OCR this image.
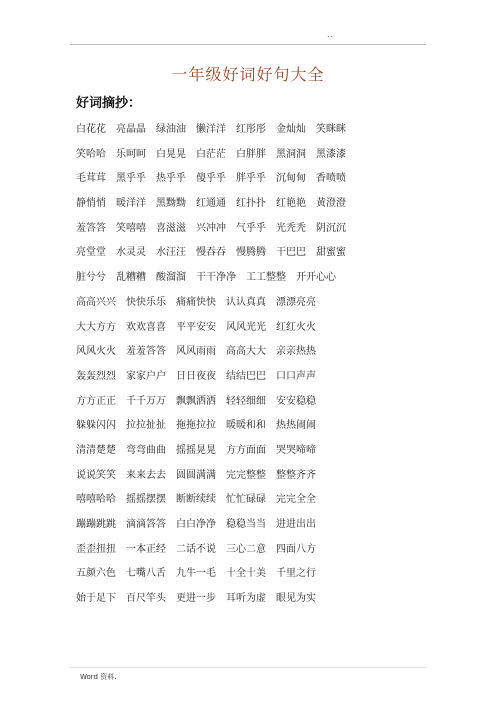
..
一年级好词好句大全
好词摘抄：
白花花　亮晶晶　绿油油　懒洋洋　红彤彤　金灿灿　笑眯眯
笑哈哈　乐呵呵　白晃晃　白茫茫　白胖胖　黑洞洞　黑漆漆
毛茸茸　黑乎乎　热乎乎　傻乎乎　胖乎乎　沉甸甸　香喷喷
静悄悄　暖洋洋　黑黝黝　红通通　红扑扑　红艳艳　黄澄澄
羞答答　笑嘻嘻　喜滋滋　兴冲冲　气乎乎　光秃秃　阴沉沉
亮堂堂　水灵灵　水汪汪　慢吞吞　慢腾腾　干巴巴　甜蜜蜜
脏兮兮　乱糟糟　酸溜溜　干干净净　工工整整　开开心心
高高兴兴　快快乐乐　痛痛快快　认认真真　漂漂亮亮
大大方方　欢欢喜喜　平平安安　风风光光　红红火火
风风火火　羞羞答答　风风雨雨　高高大大　亲亲热热
轰轰烈烈　家家户户　日日夜夜　结结巴巴　口口声声
方方正正　千千万万　飘飘洒洒　轻轻细细　安安稳稳
躲躲闪闪　拉拉扯扯　拖拖拉拉　暖暖和和　热热闹闹
清清楚楚　弯弯曲曲　摇摇晃晃　方方面面　哭哭啼啼
说说笑笑　来来去去　圆圆满满　完完整整　整整齐齐
嘻嘻哈哈　摇摇摆摆　断断续续　忙忙碌碌　完完全全
蹦蹦跳跳　滴滴答答　白白净净　稳稳当当　进进出出
歪歪扭扭　一本正经　二话不说　三心二意　四面八方
五颜六色　七嘴八舌　九牛一毛　十全十美　千里之行
始于足下　百尺竿头　更进一步　耳听为虚　眼见为实
Word 资料.
